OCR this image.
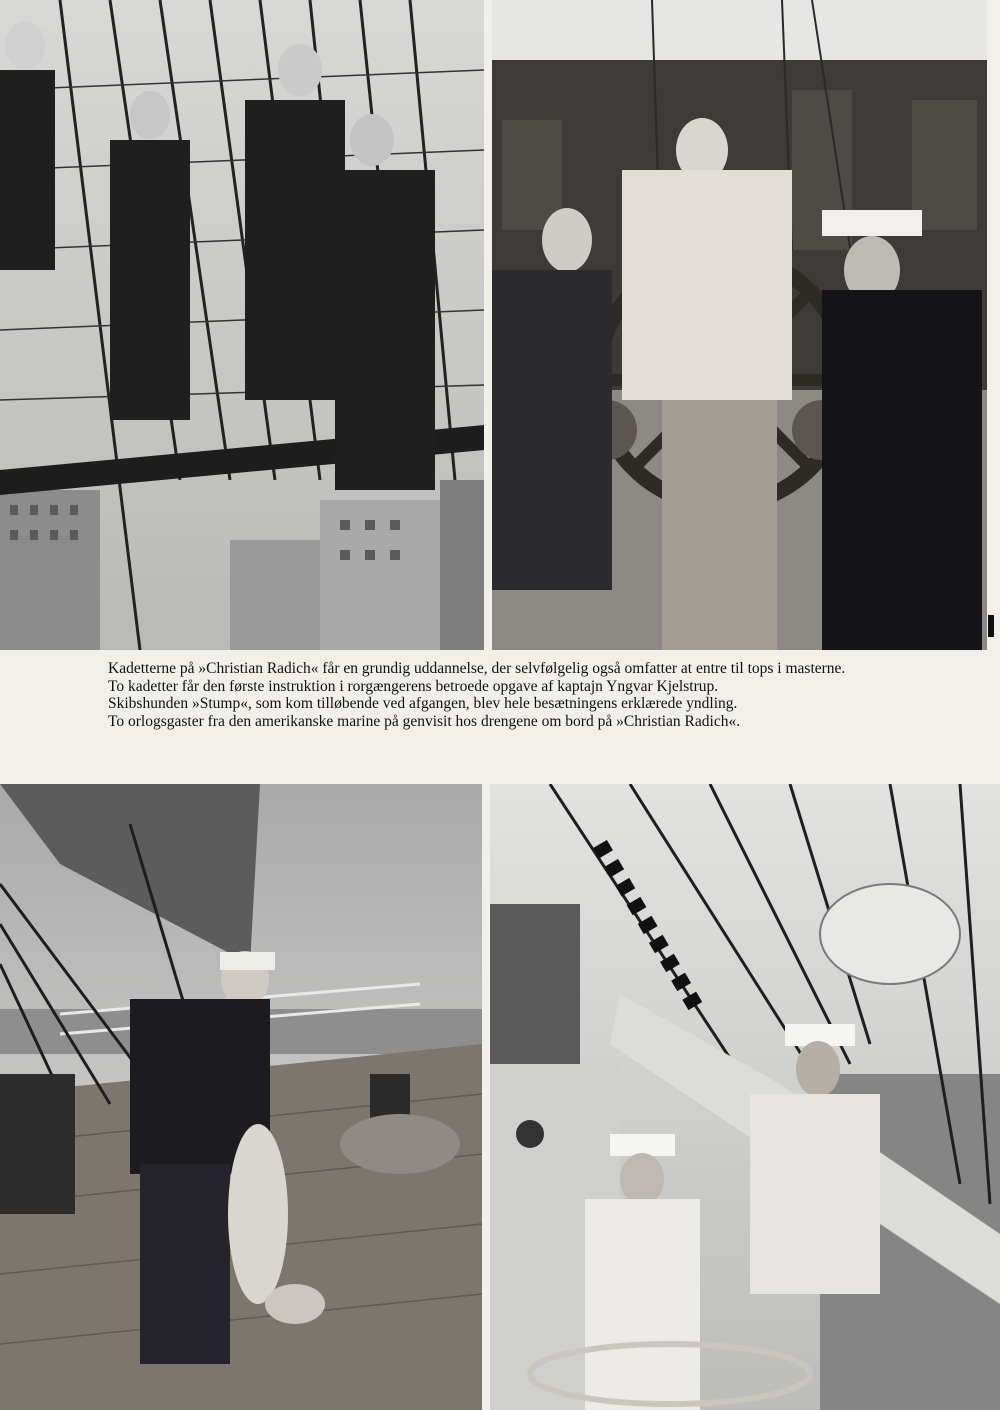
Kadetterne på »Christian Radich« får en grundig uddannelse, der selvfølgelig også omfatter at entre til tops i masterne.

To kadetter får den første instruktion i rorgængerens betroede opgave af kaptajn Yngvar Kjelstrup.

Skibshunden »Stump«, som kom tilløbende ved afgangen, blev hele besætningens erklærede yndling.

To orlogsgaster fra den amerikanske marine på genvisit hos drengene om bord på »Christian Radich«.
